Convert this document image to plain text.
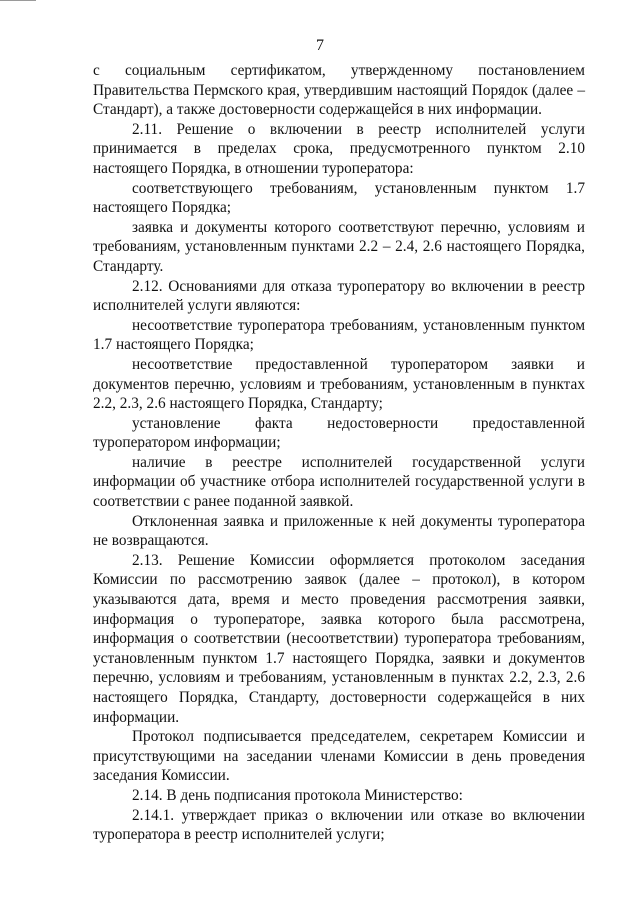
7

с социальным сертификатом, утвержденному постановлением Правительства Пермского края, утвердившим настоящий Порядок (далее – Стандарт), а также достоверности содержащейся в них информации.

2.11. Решение о включении в реестр исполнителей услуги принимается в пределах срока, предусмотренного пунктом 2.10 настоящего Порядка, в отношении туроператора:

соответствующего требованиям, установленным пунктом 1.7 настоящего Порядка;

заявка и документы которого соответствуют перечню, условиям и требованиям, установленным пунктами 2.2 – 2.4, 2.6 настоящего Порядка, Стандарту.

2.12. Основаниями для отказа туроператору во включении в реестр исполнителей услуги являются:

несоответствие туроператора требованиям, установленным пунктом 1.7 настоящего Порядка;

несоответствие предоставленной туроператором заявки и документов перечню, условиям и требованиям, установленным в пунктах 2.2, 2.3, 2.6 настоящего Порядка, Стандарту;

установление факта недостоверности предоставленной туроператором информации;

наличие в реестре исполнителей государственной услуги информации об участнике отбора исполнителей государственной услуги в соответствии с ранее поданной заявкой.

Отклоненная заявка и приложенные к ней документы туроператора не возвращаются.

2.13. Решение Комиссии оформляется протоколом заседания Комиссии по рассмотрению заявок (далее – протокол), в котором указываются дата, время и место проведения рассмотрения заявки, информация о туроператоре, заявка которого была рассмотрена, информация о соответствии (несоответствии) туроператора требованиям, установленным пунктом 1.7 настоящего Порядка, заявки и документов перечню, условиям и требованиям, установленным в пунктах 2.2, 2.3, 2.6 настоящего Порядка, Стандарту, достоверности содержащейся в них информации.

Протокол подписывается председателем, секретарем Комиссии и присутствующими на заседании членами Комиссии в день проведения заседания Комиссии.

2.14. В день подписания протокола Министерство:

2.14.1. утверждает приказ о включении или отказе во включении туроператора в реестр исполнителей услуги;
